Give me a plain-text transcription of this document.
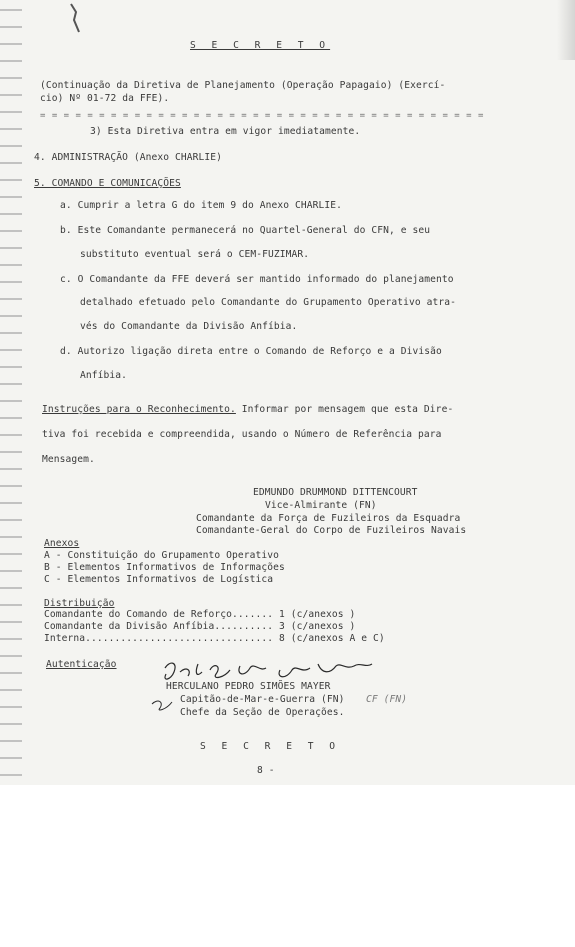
S E C R E T O
(Continuação da Diretiva de Planejamento (Operação Papagaio) (Exercí-
cio) Nº 01-72 da FFE).
= = = = = = = = = = = = = = = = = = = = = = = = = = = = = = = = = = = = = =
3) Esta Diretiva entra em vigor imediatamente.
4. ADMINISTRAÇÃO (Anexo CHARLIE)
5. COMANDO E COMUNICAÇÕES
a. Cumprir a letra G do item 9 do Anexo CHARLIE.
b. Este Comandante permanecerá no Quartel-General do CFN, e seu
substituto eventual será o CEM-FUZIMAR.
c. O Comandante da FFE deverá ser mantido informado do planejamento
detalhado efetuado pelo Comandante do Grupamento Operativo atra-
vés do Comandante da Divisão Anfíbia.
d. Autorizo ligação direta entre o Comando de Reforço e a Divisão
Anfíbia.
Instruções para o Reconhecimento. Informar por mensagem que esta Dire-
tiva foi recebida e compreendida, usando o Número de Referência para
Mensagem.
EDMUNDO DRUMMOND DITTENCOURT
Vice-Almirante (FN)
Comandante da Força de Fuzileiros da Esquadra
Comandante-Geral do Corpo de Fuzileiros Navais
Anexos
A - Constituição do Grupamento Operativo
B - Elementos Informativos de Informações
C - Elementos Informativos de Logística
Distribuição
Comandante do Comando de Reforço....... 1 (c/anexos )
Comandante da Divisão Anfíbia.......... 3 (c/anexos )
Interna................................ 8 (c/anexos A e C)
Autenticação
HERCULANO PEDRO SIMÕES MAYER
Capitão-de-Mar-e-Guerra (FN) CF (FN)
Chefe da Seção de Operações.
S E C R E T O
8 -
